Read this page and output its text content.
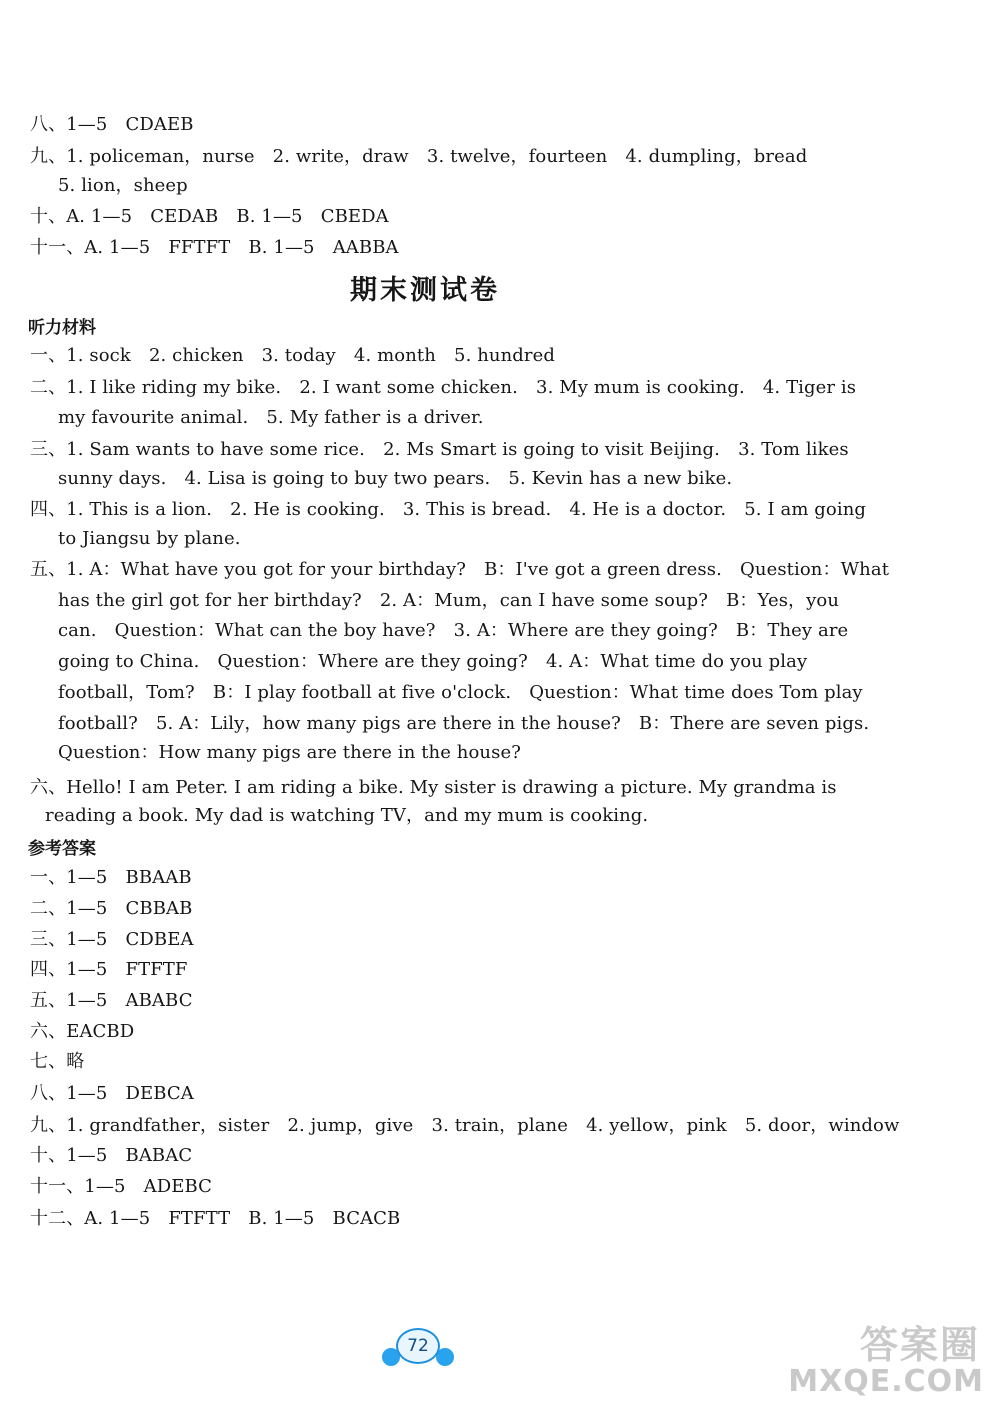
八、1—5　CDAEB
九、1. policeman，nurse　2. write，draw　3. twelve，fourteen　4. dumpling，bread
5. lion，sheep
十、A. 1—5　CEDAB　B. 1—5　CBEDA
十一、A. 1—5　FFTFT　B. 1—5　AABBA
期末测试卷
听力材料
一、1. sock　2. chicken　3. today　4. month　5. hundred
二、1. I like riding my bike.　2. I want some chicken.　3. My mum is cooking.　4. Tiger is
my favourite animal.　5. My father is a driver.
三、1. Sam wants to have some rice.　2. Ms Smart is going to visit Beijing.　3. Tom likes
sunny days.　4. Lisa is going to buy two pears.　5. Kevin has a new bike.
四、1. This is a lion.　2. He is cooking.　3. This is bread.　4. He is a doctor.　5. I am going
to Jiangsu by plane.
五、1. A：What have you got for your birthday?　B：I've got a green dress.　Question：What
has the girl got for her birthday?　2. A：Mum，can I have some soup?　B：Yes，you
can.　Question：What can the boy have?　3. A：Where are they going?　B：They are
going to China.　Question：Where are they going?　4. A：What time do you play
football，Tom?　B：I play football at five o'clock.　Question：What time does Tom play
football?　5. A：Lily，how many pigs are there in the house?　B：There are seven pigs.
Question：How many pigs are there in the house?
六、Hello! I am Peter. I am riding a bike. My sister is drawing a picture. My grandma is
reading a book. My dad is watching TV，and my mum is cooking.
参考答案
一、1—5　BBAAB
二、1—5　CBBAB
三、1—5　CDBEA
四、1—5　FTFTF
五、1—5　ABABC
六、EACBD
七、略
八、1—5　DEBCA
九、1. grandfather，sister　2. jump，give　3. train，plane　4. yellow，pink　5. door，window
十、1—5　BABAC
十一、1—5　ADEBC
十二、A. 1—5　FTFTT　B. 1—5　BCACB
72	答案圈
MXQE.COM
